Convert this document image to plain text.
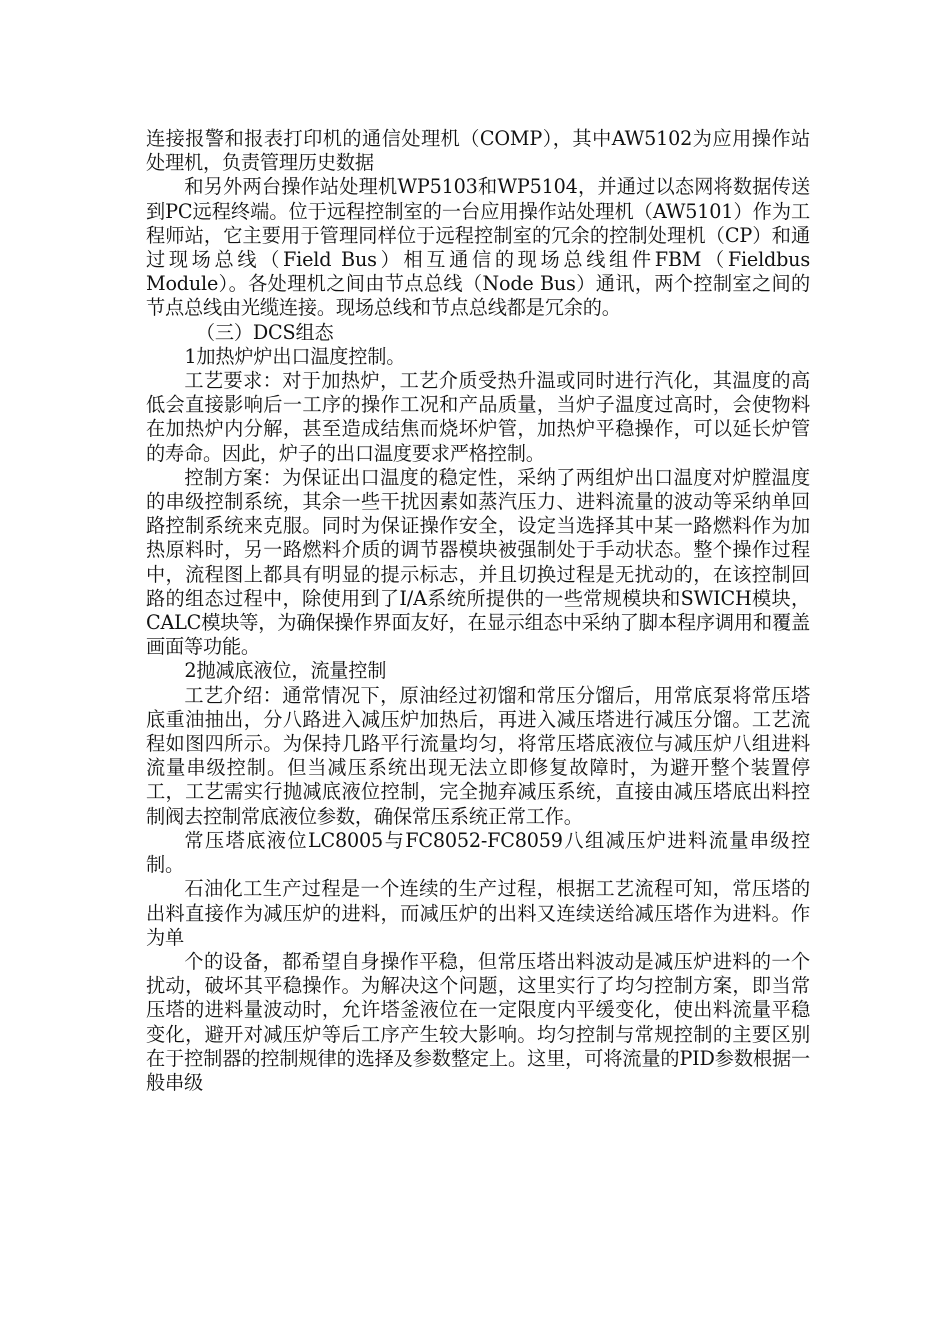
连接报警和报表打印机的通信处理机（COMP），其中AW5102为应用操作站处理机，负责管理历史数据

和另外两台操作站处理机WP5103和WP5104，并通过以态网将数据传送到PC远程终端。位于远程控制室的一台应用操作站处理机（AW5101）作为工程师站，它主要用于管理同样位于远程控制室的冗余的控制处理机（CP）和通过现场总线（Field Bus）相互通信的现场总线组件FBM（Fieldbus Module）。各处理机之间由节点总线（Node Bus）通讯，两个控制室之间的节点总线由光缆连接。现场总线和节点总线都是冗余的。

（三）DCS组态

1加热炉炉出口温度控制。

工艺要求：对于加热炉，工艺介质受热升温或同时进行汽化，其温度的高低会直接影响后一工序的操作工况和产品质量，当炉子温度过高时，会使物料在加热炉内分解，甚至造成结焦而烧坏炉管，加热炉平稳操作，可以延长炉管的寿命。因此，炉子的出口温度要求严格控制。

控制方案：为保证出口温度的稳定性，采纳了两组炉出口温度对炉膛温度的串级控制系统，其余一些干扰因素如蒸汽压力、进料流量的波动等采纳单回路控制系统来克服。同时为保证操作安全，设定当选择其中某一路燃料作为加热原料时，另一路燃料介质的调节器模块被强制处于手动状态。整个操作过程中，流程图上都具有明显的提示标志，并且切换过程是无扰动的，在该控制回路的组态过程中，除使用到了I/A系统所提供的一些常规模块和SWICH模块，CALC模块等，为确保操作界面友好，在显示组态中采纳了脚本程序调用和覆盖画面等功能。

2抛减底液位，流量控制

工艺介绍：通常情况下，原油经过初馏和常压分馏后，用常底泵将常压塔底重油抽出，分八路进入减压炉加热后，再进入减压塔进行减压分馏。工艺流程如图四所示。为保持几路平行流量均匀，将常压塔底液位与减压炉八组进料流量串级控制。但当减压系统出现无法立即修复故障时，为避开整个装置停工，工艺需实行抛减底液位控制，完全抛弃减压系统，直接由减压塔底出料控制阀去控制常底液位参数，确保常压系统正常工作。

常压塔底液位LC8005与FC8052-FC8059八组减压炉进料流量串级控制。

石油化工生产过程是一个连续的生产过程，根据工艺流程可知，常压塔的出料直接作为减压炉的进料，而减压炉的出料又连续送给减压塔作为进料。作为单

个的设备，都希望自身操作平稳，但常压塔出料波动是减压炉进料的一个扰动，破坏其平稳操作。为解决这个问题，这里实行了均匀控制方案，即当常压塔的进料量波动时，允许塔釜液位在一定限度内平缓变化，使出料流量平稳变化，避开对减压炉等后工序产生较大影响。均匀控制与常规控制的主要区别在于控制器的控制规律的选择及参数整定上。这里，可将流量的PID参数根据一般串级
